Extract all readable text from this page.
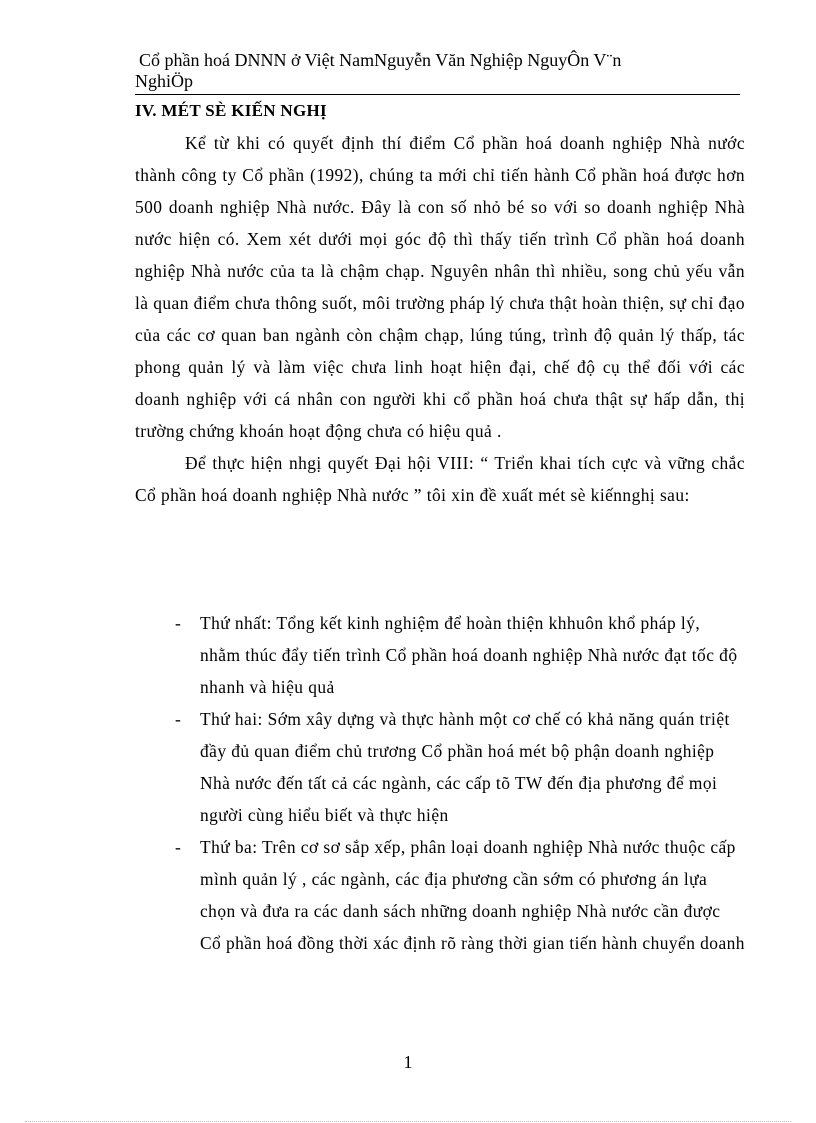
Cổ phần hoá DNNN ở Việt NamNguyễn Văn Nghiệp NguyÔn V¨n
NghiÖp
IV. MÉT SÈ KIẾN NGHỊ

Kể từ khi có quyết định thí điểm Cổ phần hoá doanh nghiệp Nhà nước thành công ty Cổ phần (1992), chúng ta mới chỉ tiến hành Cổ phần hoá được hơn 500 doanh nghiệp Nhà nước. Đây là con số nhỏ bé so với so doanh nghiệp Nhà nước hiện có. Xem xét dưới mọi góc độ thì thấy tiến trình Cổ phần hoá doanh nghiệp Nhà nước của ta là chậm chạp. Nguyên nhân thì nhiều, song chủ yếu vẫn là quan điểm chưa thông suốt, môi trường pháp lý chưa thật hoàn thiện, sự chỉ đạo của các cơ quan ban ngành còn chậm chạp, lúng túng, trình độ quản lý thấp, tác phong quản lý và làm việc chưa linh hoạt hiện đại, chế độ cụ thể đối với các doanh nghiệp với cá nhân con người khi cổ phần hoá chưa thật sự hấp dẫn, thị trường chứng khoán hoạt động chưa có hiệu quả .

Để thực hiện nhgị quyết Đại hội VIII: “ Triển khai tích cực và vững chắc Cổ phần hoá doanh nghiệp Nhà nước ” tôi xin đề xuất mét sè kiếnnghị sau:

- Thứ nhất: Tổng kết kinh nghiệm để hoàn thiện khhuôn khổ pháp lý, nhằm thúc đẩy tiến trình Cổ phần hoá doanh nghiệp Nhà nước đạt tốc độ nhanh và hiệu quả
- Thứ hai: Sớm xây dựng và thực hành một cơ chế có khả năng quán triệt đầy đủ quan điểm chủ trương Cổ phần hoá mét bộ phận doanh nghiệp Nhà nước đến tất cả các ngành, các cấp tõ TW đến địa phương để mọi người cùng hiểu biết và thực hiện
- Thứ ba: Trên cơ sơ sắp xếp, phân loại doanh nghiệp Nhà nước thuộc cấp mình quản lý , các ngành, các địa phương cần sớm có phương án lựa chọn và đưa ra các danh sách những doanh nghiệp Nhà nước cần được Cổ phần hoá đồng thời xác định rõ ràng thời gian tiến hành chuyển doanh
1
